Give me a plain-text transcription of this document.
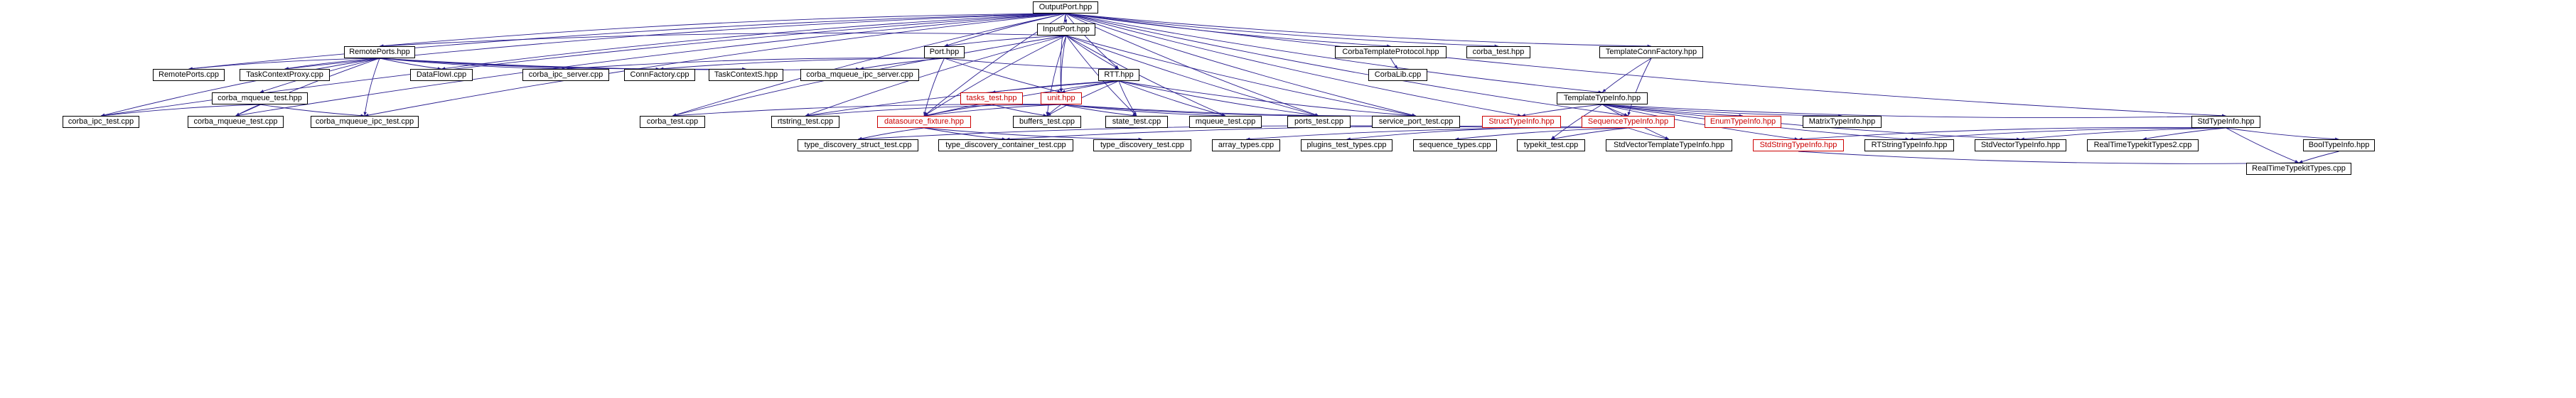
OutputPort.hpp
InputPort.hpp
RemotePorts.hpp	Port.hpp	CorbaTemplateProtocol.hpp	corba_test.hpp	TemplateConnFactory.hpp
RemotePorts.cpp	TaskContextProxy.cpp	DataFlowI.cpp	corba_ipc_server.cpp	ConnFactory.cpp	TaskContextS.hpp	corba_mqueue_ipc_server.cpp	RTT.hpp	CorbaLib.cpp
corba_mqueue_test.hpp	tasks_test.hpp	unit.hpp	TemplateTypeInfo.hpp
corba_ipc_test.cpp	corba_mqueue_test.cpp	corba_mqueue_ipc_test.cpp	corba_test.cpp	rtstring_test.cpp	datasource_fixture.hpp	buffers_test.cpp	state_test.cpp	mqueue_test.cpp	ports_test.cpp	service_port_test.cpp	StructTypeInfo.hpp	SequenceTypeInfo.hpp	EnumTypeInfo.hpp	MatrixTypeInfo.hpp	StdTypeInfo.hpp
type_discovery_struct_test.cpp	type_discovery_container_test.cpp	type_discovery_test.cpp	array_types.cpp	plugins_test_types.cpp	sequence_types.cpp	typekit_test.cpp	StdVectorTemplateTypeInfo.hpp	StdStringTypeInfo.hpp	RTStringTypeInfo.hpp	StdVectorTypeInfo.hpp	RealTimeTypekitTypes2.cpp	BoolTypeInfo.hpp
RealTimeTypekitTypes.cpp
